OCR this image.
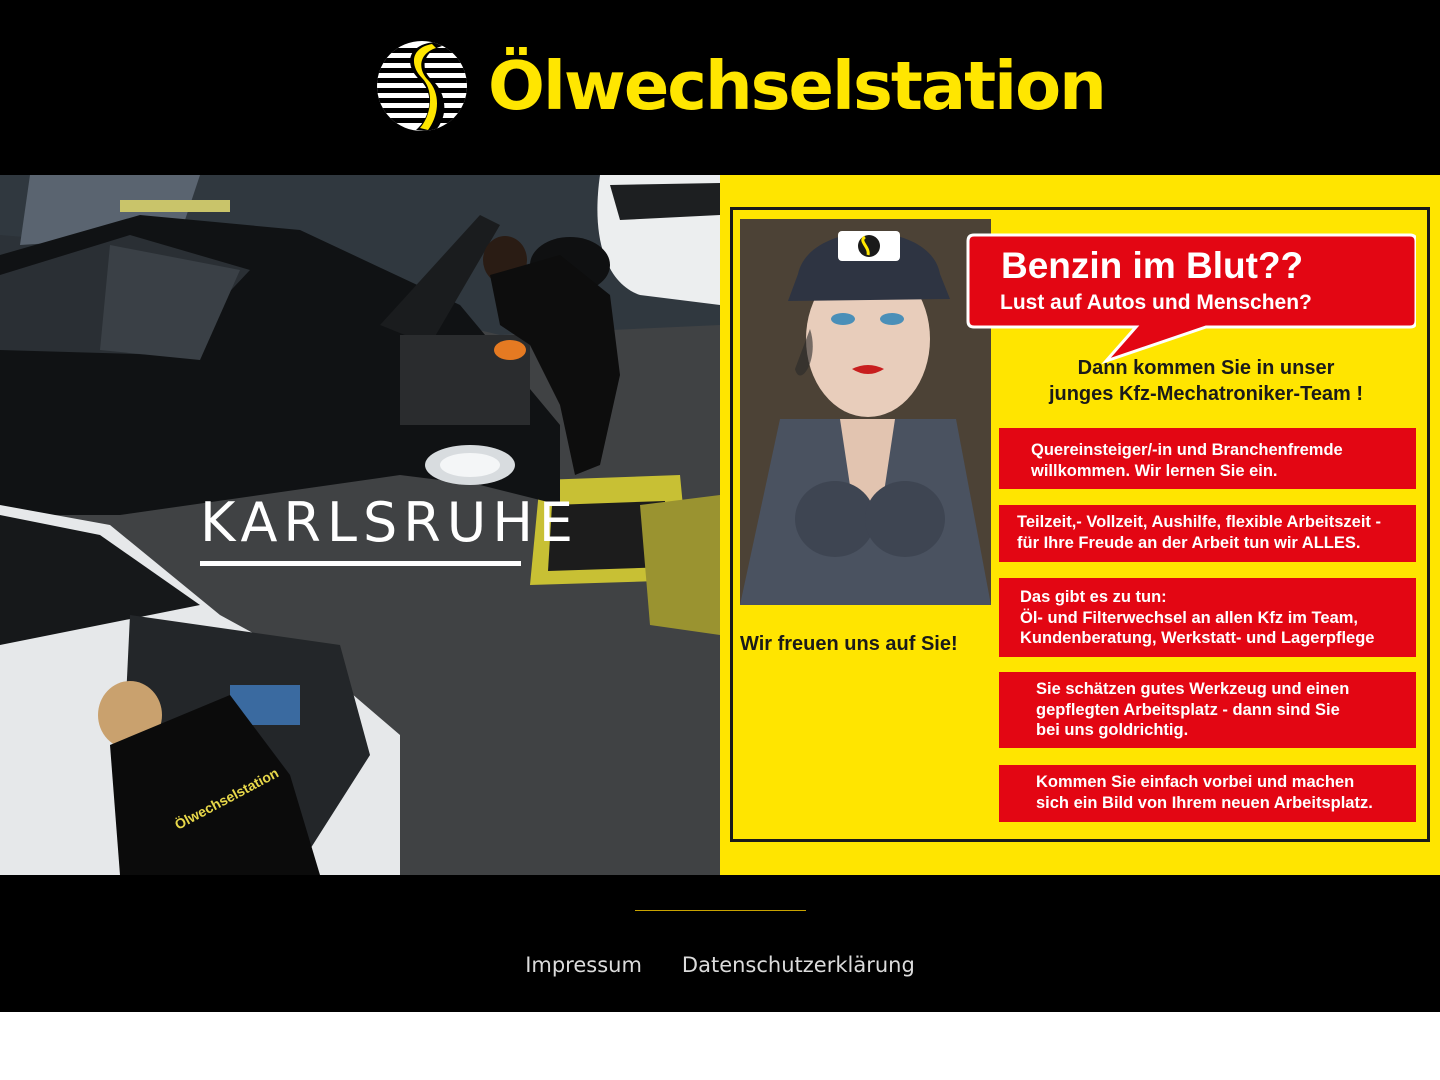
Ölwechselstation
Ölwechselstation
KARLSRUHE
Wir freuen uns auf Sie!
Benzin im Blut??
Lust auf Autos und Menschen?
Dann kommen Sie in unser
junges Kfz-Mechatroniker-Team !
Quereinsteiger/-in und Branchenfremde
willkommen. Wir lernen Sie ein.
Teilzeit,- Vollzeit, Aushilfe, flexible Arbeitszeit -
für Ihre Freude an der Arbeit tun wir ALLES.
Das gibt es zu tun:
Öl- und Filterwechsel an allen Kfz im Team,
Kundenberatung, Werkstatt- und Lagerpflege
Sie schätzen gutes Werkzeug und einen
gepflegten Arbeitsplatz - dann sind Sie
bei uns goldrichtig.
Kommen Sie einfach vorbei und machen
sich ein Bild von Ihrem neuen Arbeitsplatz.
Impressum Datenschutzerklärung
